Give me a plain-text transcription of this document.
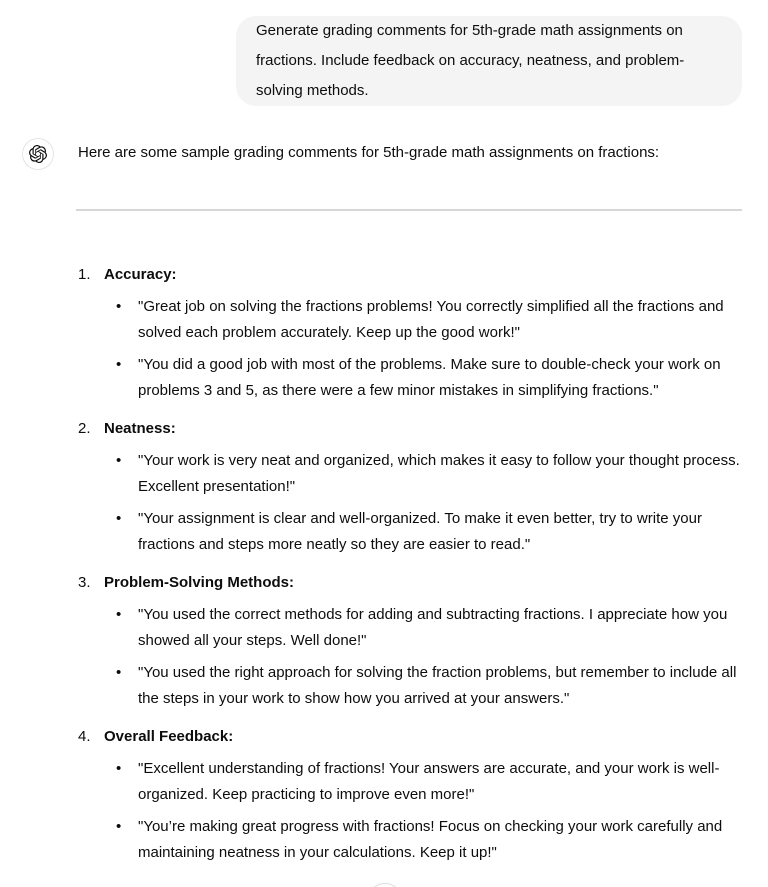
Generate grading comments for 5th-grade math assignments on fractions. Include feedback on accuracy, neatness, and problem-solving methods.

Here are some sample grading comments for 5th-grade math assignments on fractions:

1. Accuracy:
•

"Great job on solving the fractions problems! You correctly simplified all the fractions and solved each problem accurately. Keep up the good work!"

•

"You did a good job with most of the problems. Make sure to double-check your work on problems 3 and 5, as there were a few minor mistakes in simplifying fractions."

2. Neatness:
•

"Your work is very neat and organized, which makes it easy to follow your thought process. Excellent presentation!"

•

"Your assignment is clear and well-organized. To make it even better, try to write your fractions and steps more neatly so they are easier to read."

3. Problem-Solving Methods:
•

"You used the correct methods for adding and subtracting fractions. I appreciate how you showed all your steps. Well done!"

•

"You used the right approach for solving the fraction problems, but remember to include all the steps in your work to show how you arrived at your answers."

4. Overall Feedback:
•

"Excellent understanding of fractions! Your answers are accurate, and your work is well-organized. Keep practicing to improve even more!"

•

"You’re making great progress with fractions! Focus on checking your work carefully and maintaining neatness in your calculations. Keep it up!"
